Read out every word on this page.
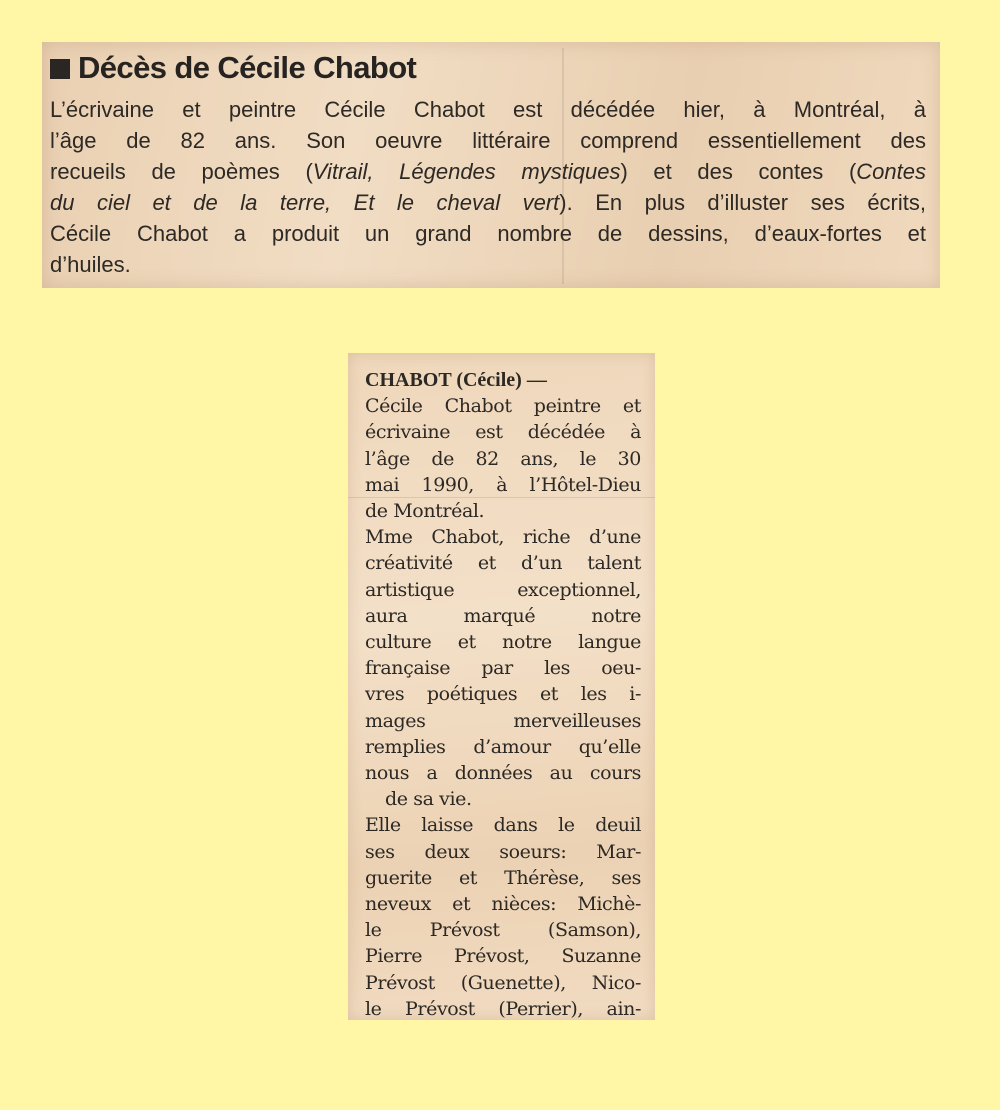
Décès de Cécile Chabot
L’écrivaine et peintre Cécile Chabot est décédée hier, à Montréal, à
l’âge de 82 ans. Son oeuvre littéraire comprend essentiellement des
recueils de poèmes (Vitrail, Légendes mystiques) et des contes (Contes
du ciel et de la terre, Et le cheval vert). En plus d’illuster ses écrits,
Cécile Chabot a produit un grand nombre de dessins, d’eaux-fortes et
d’huiles.
CHABOT (Cécile) —
Cécile Chabot peintre et
écrivaine est décédée à
l’âge de 82 ans, le 30
mai 1990, à l’Hôtel-Dieu
de Montréal.
Mme Chabot, riche d’une
créativité et d’un talent
artistique exceptionnel,
aura marqué notre
culture et notre langue
française par les oeu-
vres poétiques et les i-
mages merveilleuses
remplies d’amour qu’elle
nous a données au cours
de sa vie.
Elle laisse dans le deuil
ses deux soeurs: Mar-
guerite et Thérèse, ses
neveux et nièces: Michè-
le Prévost (Samson),
Pierre Prévost, Suzanne
Prévost (Guenette), Nico-
le Prévost (Perrier), ain-
